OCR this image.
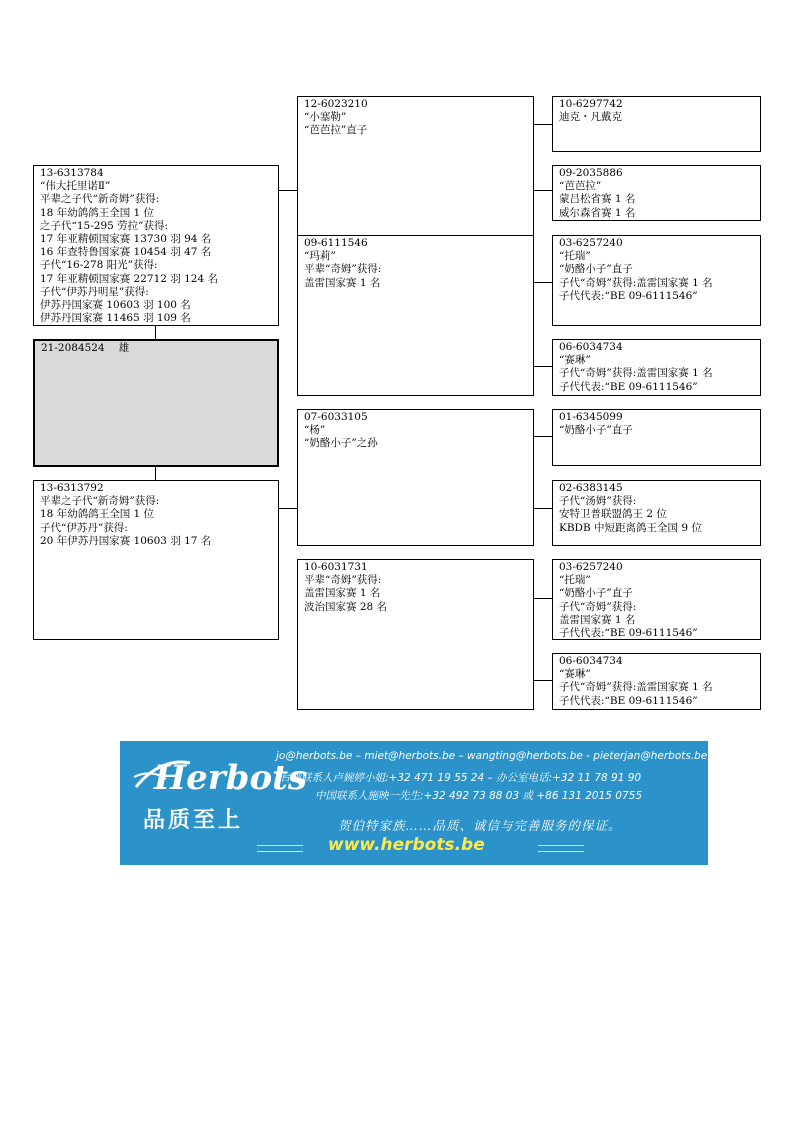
13-6313784
“伟大托里诺Ⅱ”
平辈之子代“新奇姆”获得:
18 年幼鸽鸽王全国 1 位
之子代“15-295 劳拉”获得:
17 年亚精顿国家赛 13730 羽 94 名
16 年查特鲁国家赛 10454 羽 47 名
子代“16-278 阳光”获得:
17 年亚精顿国家赛 22712 羽 124 名
子代“伊苏丹明星”获得:
伊苏丹国家赛 10603 羽 100 名
伊苏丹国家赛 11465 羽 109 名
21-2084524 雄
13-6313792
平辈之子代“新奇姆”获得:
18 年幼鸽鸽王全国 1 位
子代“伊苏丹”获得:
20 年伊苏丹国家赛 10603 羽 17 名
12-6023210
“小塞勒”
“芭芭拉”直子
09-6111546
“玛莉”
平辈“奇姆”获得:
盖雷国家赛 1 名
07-6033105
“杨”
“奶酪小子”之孙
10-6031731
平辈“奇姆”获得:
盖雷国家赛 1 名
波治国家赛 28 名
10-6297742
迪克・凡戴克
09-2035886
“芭芭拉”
蒙吕松省赛 1 名
威尔森省赛 1 名
03-6257240
“托瑞”
“奶酪小子”直子
子代“奇姆”获得:盖雷国家赛 1 名
子代代表:“BE 09-6111546”
06-6034734
“赛琳”
子代“奇姆”获得:盖雷国家赛 1 名
子代代表:“BE 09-6111546”
01-6345099
“奶酪小子”直子
02-6383145
子代“汤姆”获得:
安特卫普联盟鸽王 2 位
KBDB 中短距离鸽王全国 9 位
03-6257240
“托瑞”
“奶酪小子”直子
子代“奇姆”获得:
盖雷国家赛 1 名
子代代表:“BE 09-6111546”
06-6034734
“赛琳”
子代“奇姆”获得:盖雷国家赛 1 名
子代代表:“BE 09-6111546”
Herbots
品质至上
jo@herbots.be – miet@herbots.be – wangting@herbots.be - pieterjan@herbots.be
台湾联系人卢婉婷小姐:+32 471 19 55 24 – 办公室电话:+32 11 78 91 90
中国联系人施映一先生:+32 492 73 88 03 或 +86 131 2015 0755
贺伯特家族……品质、诚信与完善服务的保证。
www.herbots.be
